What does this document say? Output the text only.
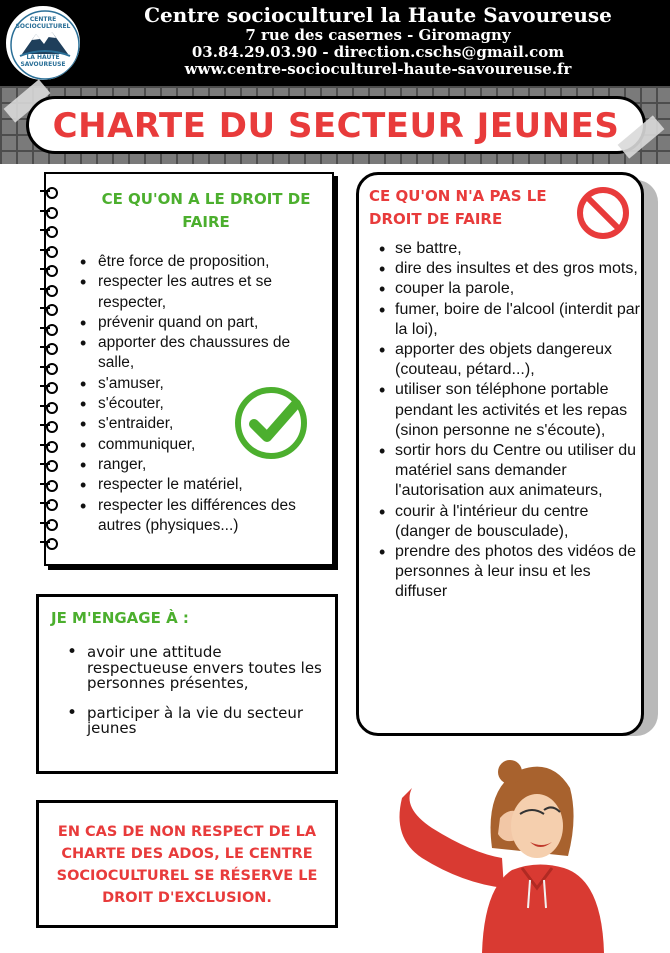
CENTRE SOCIOCULTUREL
LA HAUTE SAVOUREUSE
Centre socioculturel la Haute Savoureuse
7 rue des casernes - Giromagny
03.84.29.03.90 - direction.cschs@gmail.com
www.centre-socioculturel-haute-savoureuse.fr
CHARTE DU SECTEUR JEUNES
CE QU'ON A LE DROIT DE FAIRE
• être force de proposition,
• respecter les autres et se respecter,
• prévenir quand on part,
• apporter des chaussures de salle,
• s'amuser,
• s'écouter,
• s'entraider,
• communiquer,
• ranger,
• respecter le matériel,
• respecter les différences des autres (physiques...)
CE QU'ON N'A PAS LE DROIT DE FAIRE
• se battre,
• dire des insultes et des gros mots,
• couper la parole,
• fumer, boire de l'alcool (interdit par la loi),
• apporter des objets dangereux (couteau, pétard...),
• utiliser son téléphone portable pendant les activités et les repas (sinon personne ne s'écoute),
• sortir hors du Centre ou utiliser du matériel sans demander l'autorisation aux animateurs,
• courir à l'intérieur du centre (danger de bousculade),
• prendre des photos des vidéos de personnes à leur insu et les diffuser
JE M'ENGAGE À :
• avoir une attitude respectueuse envers toutes les personnes présentes,
• participer à la vie du secteur jeunes
EN CAS DE NON RESPECT DE LA CHARTE DES ADOS, LE CENTRE SOCIOCULTUREL SE RÉSERVE LE DROIT D'EXCLUSION.
